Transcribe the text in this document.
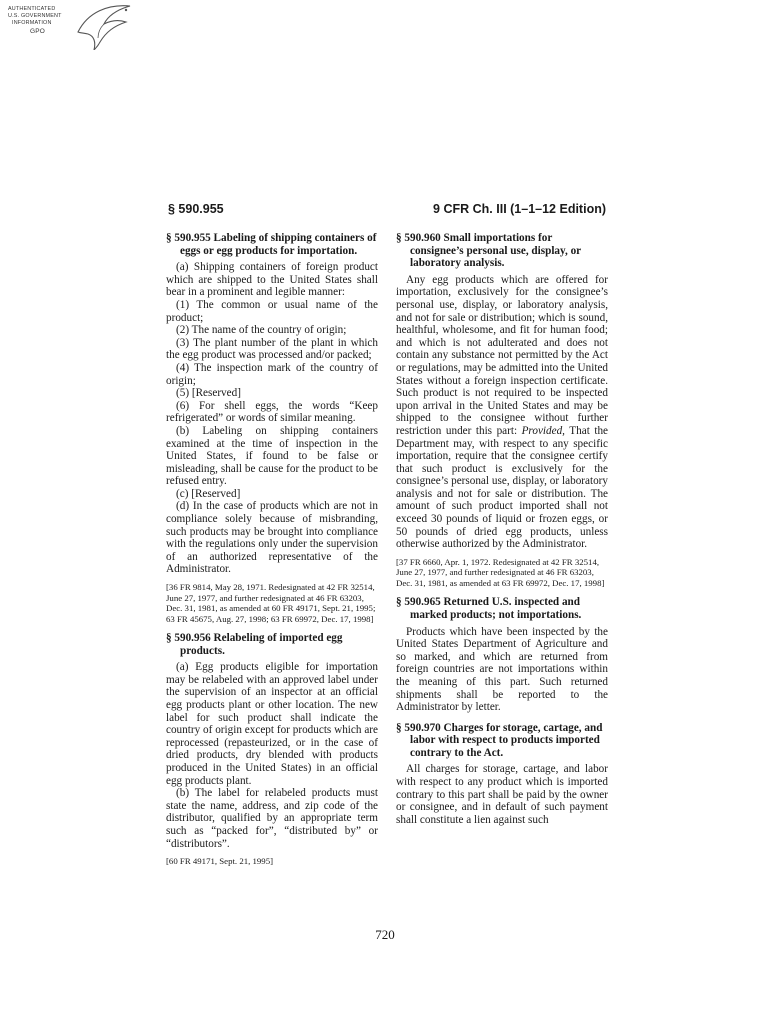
AUTHENTICATED
U.S. GOVERNMENT
INFORMATION
GPO
§ 590.955	9 CFR Ch. III (1–1–12 Edition)

§ 590.955 Labeling of shipping containers of eggs or egg products for importation.

(a) Shipping containers of foreign product which are shipped to the United States shall bear in a prominent and legible manner:

(1) The common or usual name of the product;

(2) The name of the country of origin;

(3) The plant number of the plant in which the egg product was processed and/or packed;

(4) The inspection mark of the country of origin;

(5) [Reserved]

(6) For shell eggs, the words “Keep refrigerated” or words of similar meaning.

(b) Labeling on shipping containers examined at the time of inspection in the United States, if found to be false or misleading, shall be cause for the product to be refused entry.

(c) [Reserved]

(d) In the case of products which are not in compliance solely because of misbranding, such products may be brought into compliance with the regulations only under the supervision of an authorized representative of the Administrator.

[36 FR 9814, May 28, 1971. Redesignated at 42 FR 32514, June 27, 1977, and further redesignated at 46 FR 63203, Dec. 31, 1981, as amended at 60 FR 49171, Sept. 21, 1995; 63 FR 45675, Aug. 27, 1998; 63 FR 69972, Dec. 17, 1998]

§ 590.956 Relabeling of imported egg products.

(a) Egg products eligible for importation may be relabeled with an approved label under the supervision of an inspector at an official egg products plant or other location. The new label for such product shall indicate the country of origin except for products which are reprocessed (repasteurized, or in the case of dried products, dry blended with products produced in the United States) in an official egg products plant.

(b) The label for relabeled products must state the name, address, and zip code of the distributor, qualified by an appropriate term such as “packed for”, “distributed by” or “distributors”.

[60 FR 49171, Sept. 21, 1995]

§ 590.960 Small importations for consignee’s personal use, display, or laboratory analysis.

Any egg products which are offered for importation, exclusively for the consignee’s personal use, display, or laboratory analysis, and not for sale or distribution; which is sound, healthful, wholesome, and fit for human food; and which is not adulterated and does not contain any substance not permitted by the Act or regulations, may be admitted into the United States without a foreign inspection certificate. Such product is not required to be inspected upon arrival in the United States and may be shipped to the consignee without further restriction under this part: Provided, That the Department may, with respect to any specific importation, require that the consignee certify that such product is exclusively for the consignee’s personal use, display, or laboratory analysis and not for sale or distribution. The amount of such product imported shall not exceed 30 pounds of liquid or frozen eggs, or 50 pounds of dried egg products, unless otherwise authorized by the Administrator.

[37 FR 6660, Apr. 1, 1972. Redesignated at 42 FR 32514, June 27, 1977, and further redesignated at 46 FR 63203, Dec. 31, 1981, as amended at 63 FR 69972, Dec. 17, 1998]

§ 590.965 Returned U.S. inspected and marked products; not importations.

Products which have been inspected by the United States Department of Agriculture and so marked, and which are returned from foreign countries are not importations within the meaning of this part. Such returned shipments shall be reported to the Administrator by letter.

§ 590.970 Charges for storage, cartage, and labor with respect to products imported contrary to the Act.

All charges for storage, cartage, and labor with respect to any product which is imported contrary to this part shall be paid by the owner or consignee, and in default of such payment shall constitute a lien against such

720
